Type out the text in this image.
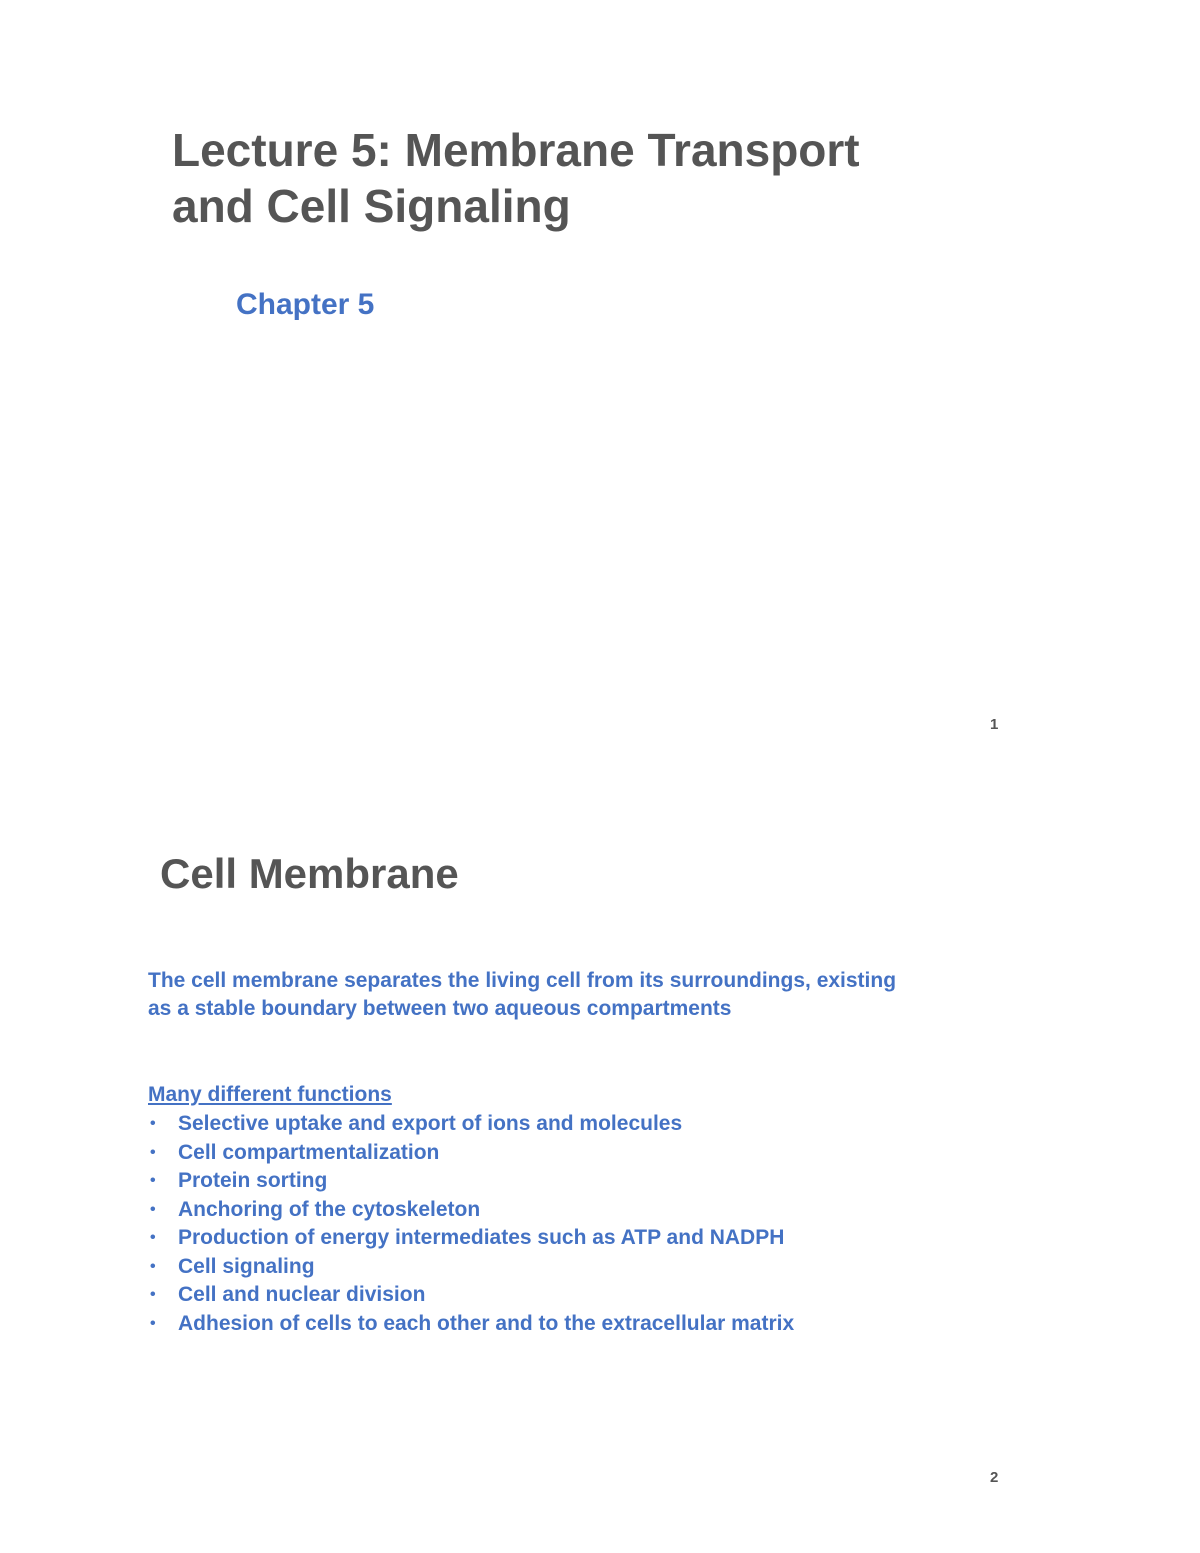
Lecture 5: Membrane Transport
and Cell Signaling
Chapter 5
1
Cell Membrane
The cell membrane separates the living cell from its surroundings, existing
as a stable boundary between two aqueous compartments
Many different functions
• Selective uptake and export of ions and molecules
• Cell compartmentalization
• Protein sorting
• Anchoring of the cytoskeleton
• Production of energy intermediates such as ATP and NADPH
• Cell signaling
• Cell and nuclear division
• Adhesion of cells to each other and to the extracellular matrix
2
